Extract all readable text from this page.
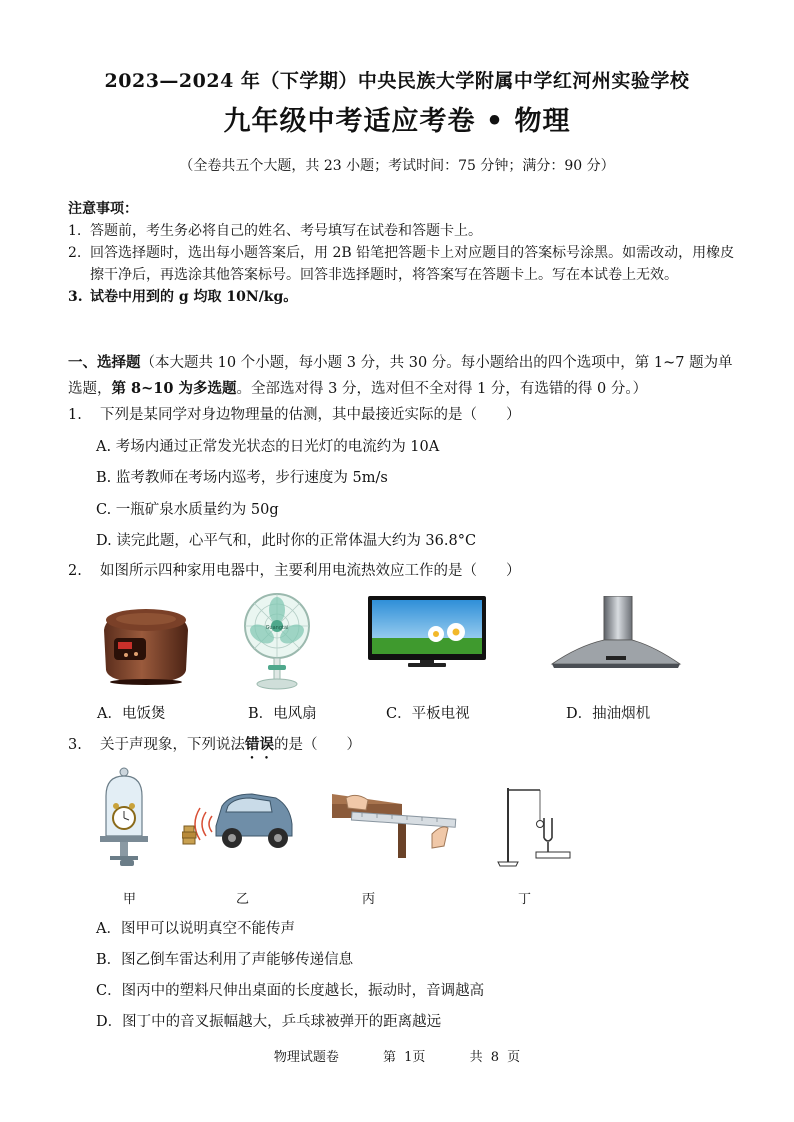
2023—2024 年（下学期）中央民族大学附属中学红河州实验学校
九年级中考适应考卷 • 物理
（全卷共五个大题，共 23 小题；考试时间：75 分钟；满分：90 分）
注意事项：
1. 答题前，考生务必将自己的姓名、考号填写在试卷和答题卡上。
2. 回答选择题时，选出每小题答案后，用 2B 铅笔把答题卡上对应题目的答案标号涂黑。如需改动，用橡皮擦干净后，再选涂其他答案标号。回答非选择题时，将答案写在答题卡上。写在本试卷上无效。
3. 试卷中用到的 g 均取 10N/kg。
一、选择题（本大题共 10 个小题，每小题 3 分，共 30 分。每小题给出的四个选项中，第 1~7 题为单选题，第 8~10 为多选题。全部选对得 3 分，选对但不全对得 1 分，有选错的得 0 分。）
1. 下列是某同学对身边物理量的估测，其中最接近实际的是（　　）
A. 考场内通过正常发光状态的日光灯的电流约为 10A
B. 监考教师在考场内巡考，步行速度为 5m/s
C. 一瓶矿泉水质量约为 50g
D. 读完此题，心平气和，此时你的正常体温大约为 36.8°C
2. 如图所示四种家用电器中，主要利用电流热效应工作的是（　　）
Guangtai
A．电饭煲	B．电风扇	C．平板电视	D．抽油烟机
3. 关于声现象，下列说法错误的是（　　）
甲	乙	丙	丁
A．图甲可以说明真空不能传声
B．图乙倒车雷达利用了声能够传递信息
C．图丙中的塑料尺伸出桌面的长度越长，振动时，音调越高
D．图丁中的音叉振幅越大，乒乓球被弹开的距离越远
物理试题卷	第 1页	共 8 页
